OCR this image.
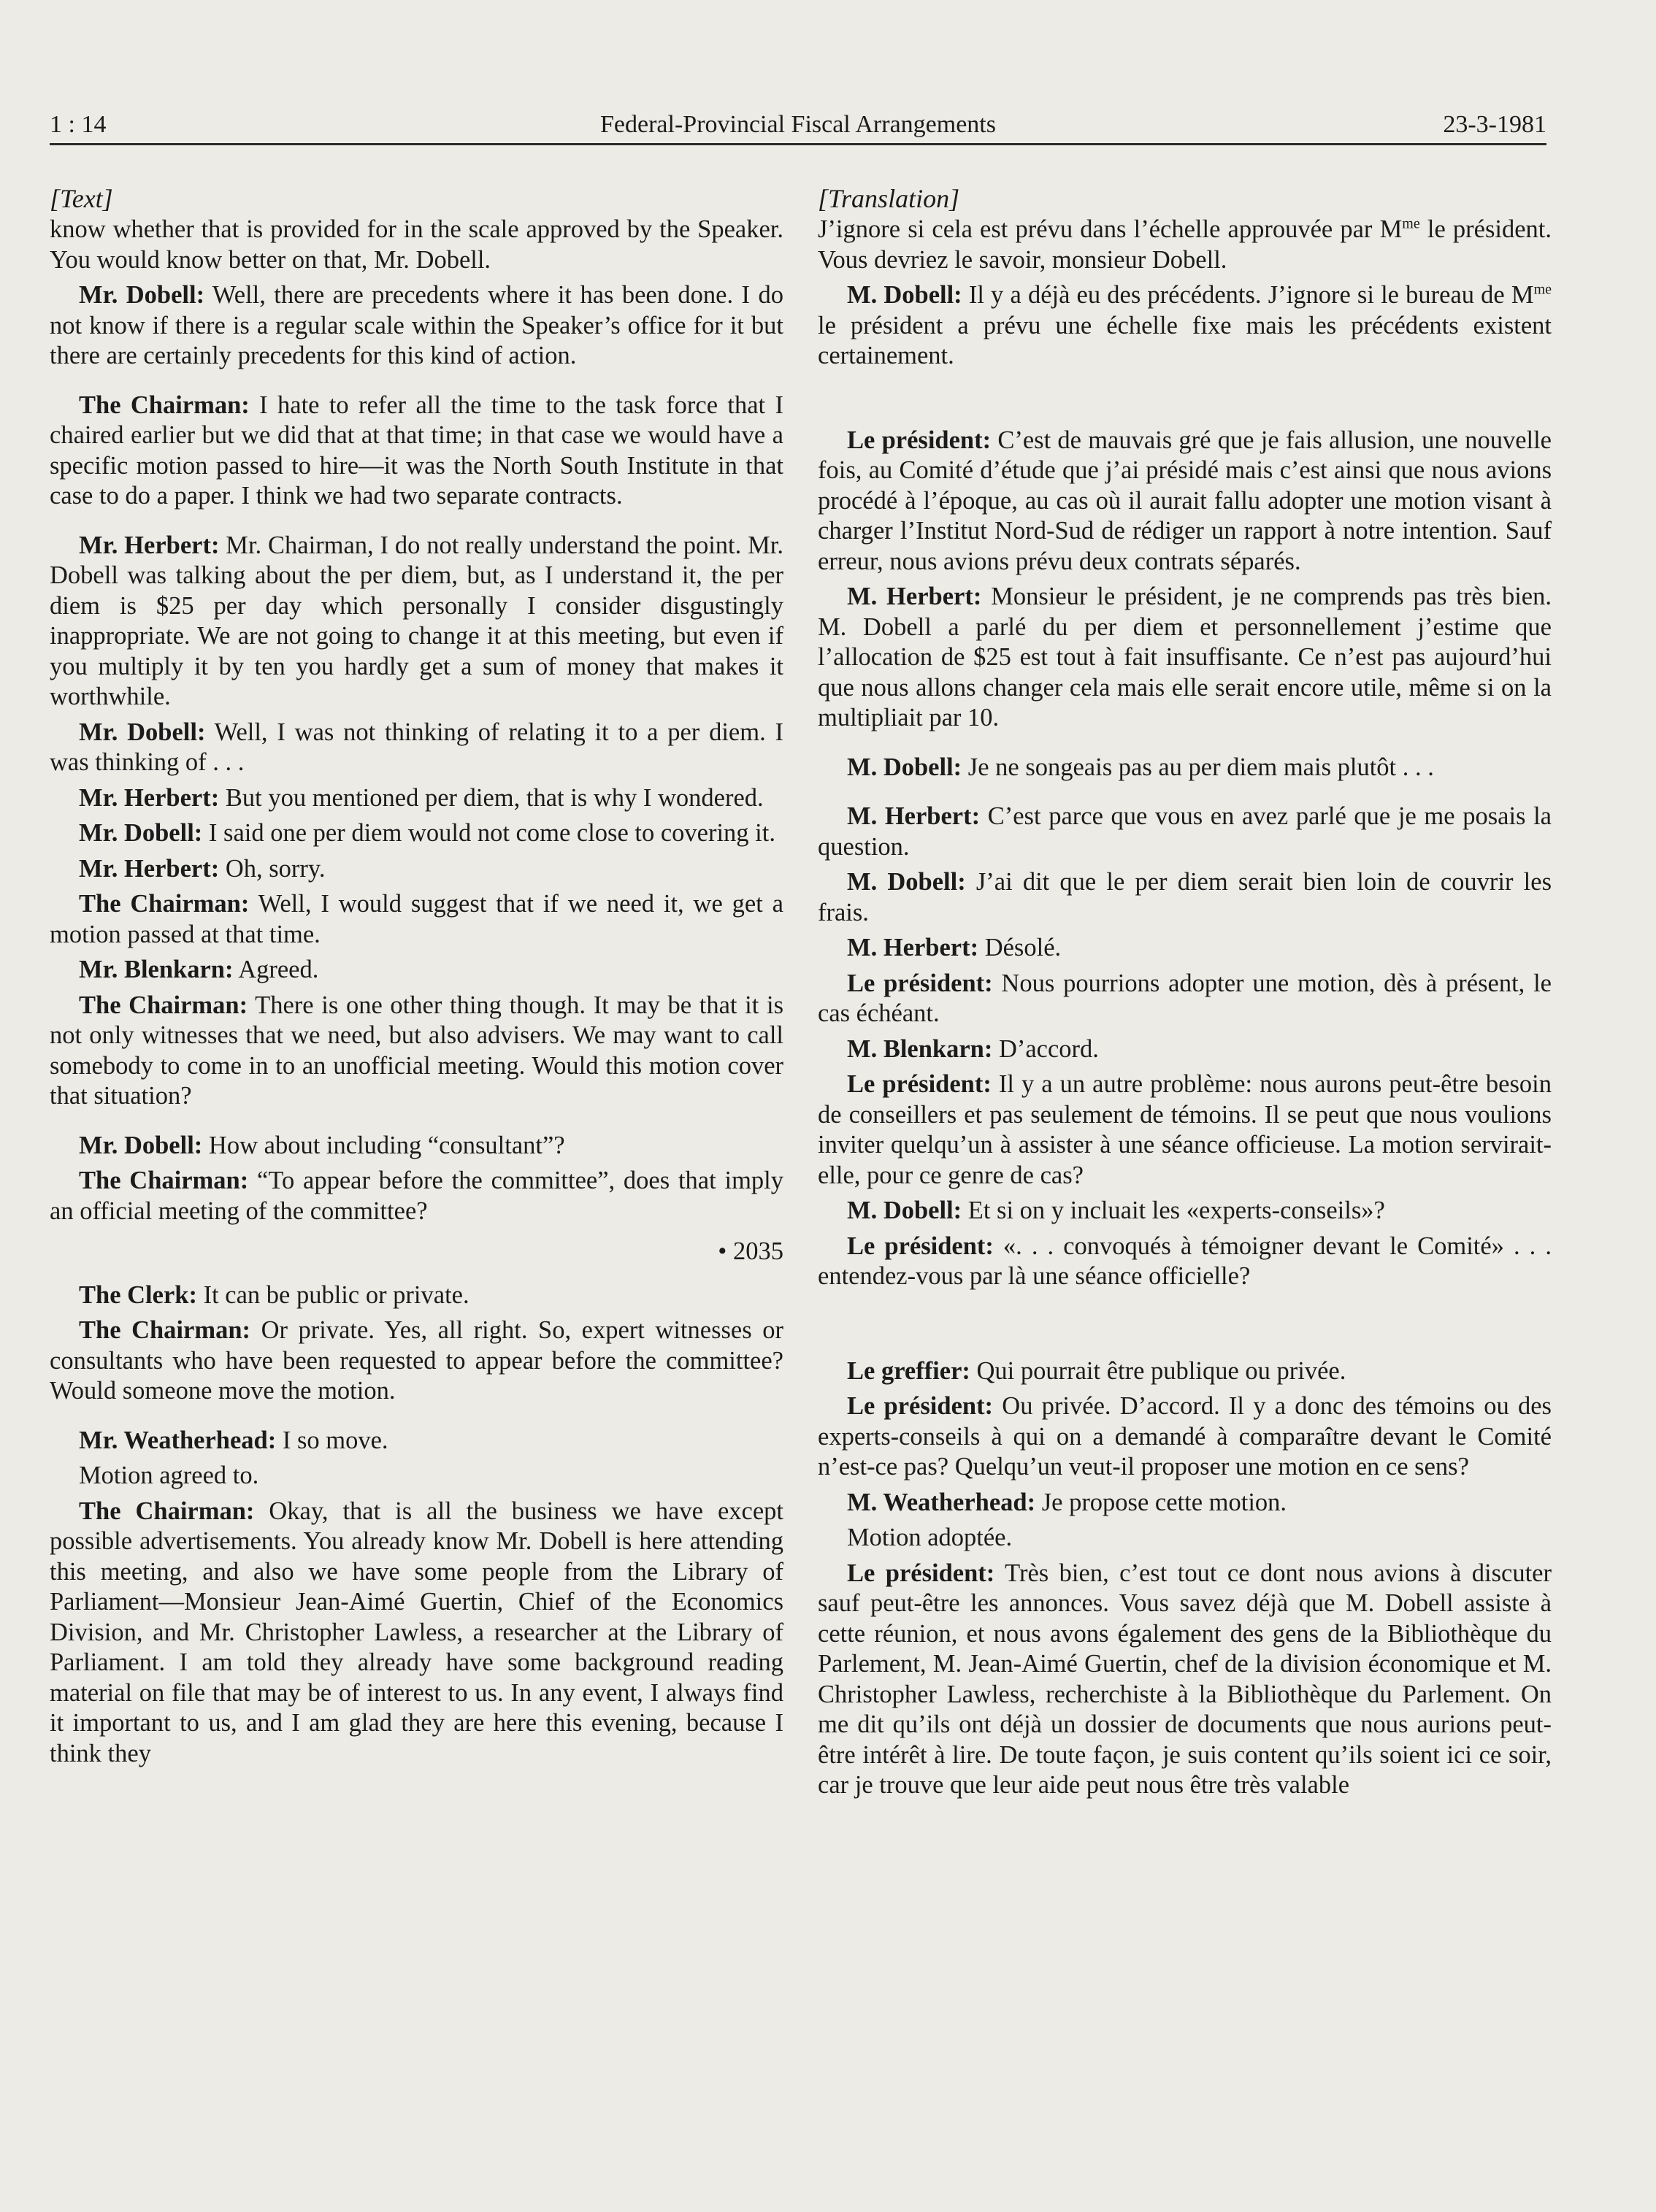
1 : 14	Federal-Provincial Fiscal Arrangements	23-3-1981
[Text]

know whether that is provided for in the scale approved by the Speaker. You would know better on that, Mr. Dobell.

Mr. Dobell: Well, there are precedents where it has been done. I do not know if there is a regular scale within the Speaker’s office for it but there are certainly precedents for this kind of action.

The Chairman: I hate to refer all the time to the task force that I chaired earlier but we did that at that time; in that case we would have a specific motion passed to hire—it was the North South Institute in that case to do a paper. I think we had two separate contracts.

Mr. Herbert: Mr. Chairman, I do not really understand the point. Mr. Dobell was talking about the per diem, but, as I understand it, the per diem is $25 per day which personally I consider disgustingly inappropriate. We are not going to change it at this meeting, but even if you multiply it by ten you hardly get a sum of money that makes it worthwhile.

Mr. Dobell: Well, I was not thinking of relating it to a per diem. I was thinking of . . .

Mr. Herbert: But you mentioned per diem, that is why I wondered.

Mr. Dobell: I said one per diem would not come close to covering it.

Mr. Herbert: Oh, sorry.

The Chairman: Well, I would suggest that if we need it, we get a motion passed at that time.

Mr. Blenkarn: Agreed.

The Chairman: There is one other thing though. It may be that it is not only witnesses that we need, but also advisers. We may want to call somebody to come in to an unofficial meeting. Would this motion cover that situation?

Mr. Dobell: How about including “consultant”?

The Chairman: “To appear before the committee”, does that imply an official meeting of the committee?

• 2035

The Clerk: It can be public or private.

The Chairman: Or private. Yes, all right. So, expert witnesses or consultants who have been requested to appear before the committee? Would someone move the motion.

Mr. Weatherhead: I so move.

Motion agreed to.

The Chairman: Okay, that is all the business we have except possible advertisements. You already know Mr. Dobell is here attending this meeting, and also we have some people from the Library of Parliament—Monsieur Jean-Aimé Guertin, Chief of the Economics Division, and Mr. Christopher Lawless, a researcher at the Library of Parliament. I am told they already have some background reading material on file that may be of interest to us. In any event, I always find it important to us, and I am glad they are here this evening, because I think they

[Translation]

J’ignore si cela est prévu dans l’échelle approuvée par $M^{me}$ le président. Vous devriez le savoir, monsieur Dobell.

M. Dobell: Il y a déjà eu des précédents. J’ignore si le bureau de $M^{me}$ le président a prévu une échelle fixe mais les précédents existent certainement.

Le président: C’est de mauvais gré que je fais allusion, une nouvelle fois, au Comité d’étude que j’ai présidé mais c’est ainsi que nous avions procédé à l’époque, au cas où il aurait fallu adopter une motion visant à charger l’Institut Nord-Sud de rédiger un rapport à notre intention. Sauf erreur, nous avions prévu deux contrats séparés.

M. Herbert: Monsieur le président, je ne comprends pas très bien. M. Dobell a parlé du per diem et personnellement j’estime que l’allocation de $25 est tout à fait insuffisante. Ce n’est pas aujourd’hui que nous allons changer cela mais elle serait encore utile, même si on la multipliait par 10.

M. Dobell: Je ne songeais pas au per diem mais plutôt . . .

M. Herbert: C’est parce que vous en avez parlé que je me posais la question.

M. Dobell: J’ai dit que le per diem serait bien loin de couvrir les frais.

M. Herbert: Désolé.

Le président: Nous pourrions adopter une motion, dès à présent, le cas échéant.

M. Blenkarn: D’accord.

Le président: Il y a un autre problème: nous aurons peut-être besoin de conseillers et pas seulement de témoins. Il se peut que nous voulions inviter quelqu’un à assister à une séance officieuse. La motion servirait-elle, pour ce genre de cas?

M. Dobell: Et si on y incluait les «experts-conseils»?

Le président: «. . . convoqués à témoigner devant le Comité» . . . entendez-vous par là une séance officielle?

Le greffier: Qui pourrait être publique ou privée.

Le président: Ou privée. D’accord. Il y a donc des témoins ou des experts-conseils à qui on a demandé à comparaître devant le Comité n’est-ce pas? Quelqu’un veut-il proposer une motion en ce sens?

M. Weatherhead: Je propose cette motion.

Motion adoptée.

Le président: Très bien, c’est tout ce dont nous avions à discuter sauf peut-être les annonces. Vous savez déjà que M. Dobell assiste à cette réunion, et nous avons également des gens de la Bibliothèque du Parlement, M. Jean-Aimé Guertin, chef de la division économique et M. Christopher Lawless, recherchiste à la Bibliothèque du Parlement. On me dit qu’ils ont déjà un dossier de documents que nous aurions peut-être intérêt à lire. De toute façon, je suis content qu’ils soient ici ce soir, car je trouve que leur aide peut nous être très valable
